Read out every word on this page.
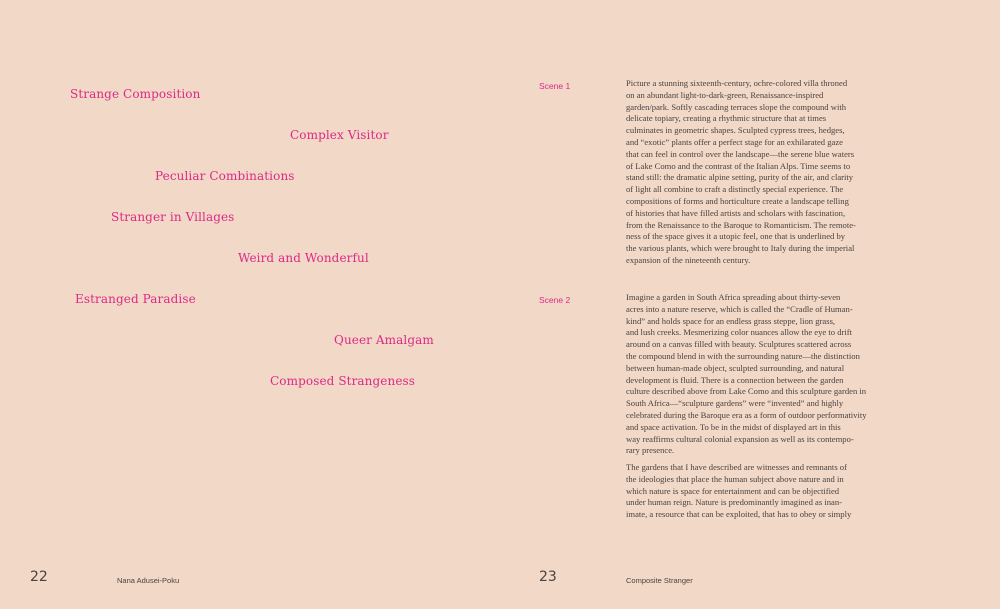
Strange Composition
Complex Visitor
Peculiar Combinations
Stranger in Villages
Weird and Wonderful
Estranged Paradise
Queer Amalgam
Composed Strangeness
22	Nana Adusei-Poku
Scene 1	Picture a stunning sixteenth-century, ochre-colored villa throned
on an abundant light-to-dark-green, Renaissance-inspired
garden/park. Softly cascading terraces slope the compound with
delicate topiary, creating a rhythmic structure that at times
culminates in geometric shapes. Sculpted cypress trees, hedges,
and “exotic” plants offer a perfect stage for an exhilarated gaze
that can feel in control over the landscape—the serene blue waters
of Lake Como and the contrast of the Italian Alps. Time seems to
stand still: the dramatic alpine setting, purity of the air, and clarity
of light all combine to craft a distinctly special experience. The
compositions of forms and horticulture create a landscape telling
of histories that have filled artists and scholars with fascination,
from the Renaissance to the Baroque to Romanticism. The remote-
ness of the space gives it a utopic feel, one that is underlined by
the various plants, which were brought to Italy during the imperial
expansion of the nineteenth century.
Scene 2	Imagine a garden in South Africa spreading about thirty-seven
acres into a nature reserve, which is called the “Cradle of Human-
kind” and holds space for an endless grass steppe, lion grass,
and lush creeks. Mesmerizing color nuances allow the eye to drift
around on a canvas filled with beauty. Sculptures scattered across
the compound blend in with the surrounding nature—the distinction
between human-made object, sculpted surrounding, and natural
development is fluid. There is a connection between the garden
culture described above from Lake Como and this sculpture garden in
South Africa—“sculpture gardens” were “invented” and highly
celebrated during the Baroque era as a form of outdoor performativity
and space activation. To be in the midst of displayed art in this
way reaffirms cultural colonial expansion as well as its contempo-
rary presence.
The gardens that I have described are witnesses and remnants of
the ideologies that place the human subject above nature and in
which nature is space for entertainment and can be objectified
under human reign. Nature is predominantly imagined as inan-
imate, a resource that can be exploited, that has to obey or simply
23	Composite Stranger
